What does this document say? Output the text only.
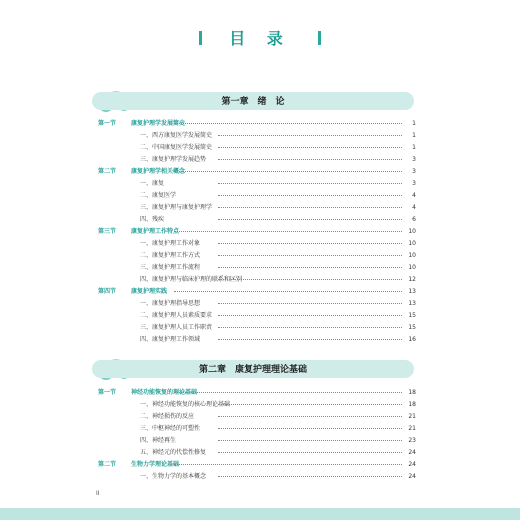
目 录
第一章　绪　论
第一节 康复护理学发展简史	1
一、西方康复医学发展简史	1
二、中国康复医学发展简史	1
三、康复护理学发展趋势	3
第二节 康复护理学相关概念	3
一、康复	3
二、康复医学	4
三、康复护理与康复护理学	4
四、残疾	6
第三节 康复护理工作特点	10
一、康复护理工作对象	10
二、康复护理工作方式	10
三、康复护理工作流程	10
四、康复护理与临床护理的联系和区别	12
第四节 康复护理实践	13
一、康复护理指导思想	13
二、康复护理人员素质要求	15
三、康复护理人员工作职责	15
四、康复护理工作领域	16
第二章　康复护理理论基础
第一节 神经功能恢复的理论基础	18
一、神经功能恢复的核心理论基础	18
二、神经损伤的反应	21
三、中枢神经的可塑性	21
四、神经再生	23
五、神经元的代偿性修复	24
第二节 生物力学理论基础	24
一、生物力学的基本概念	24
II
